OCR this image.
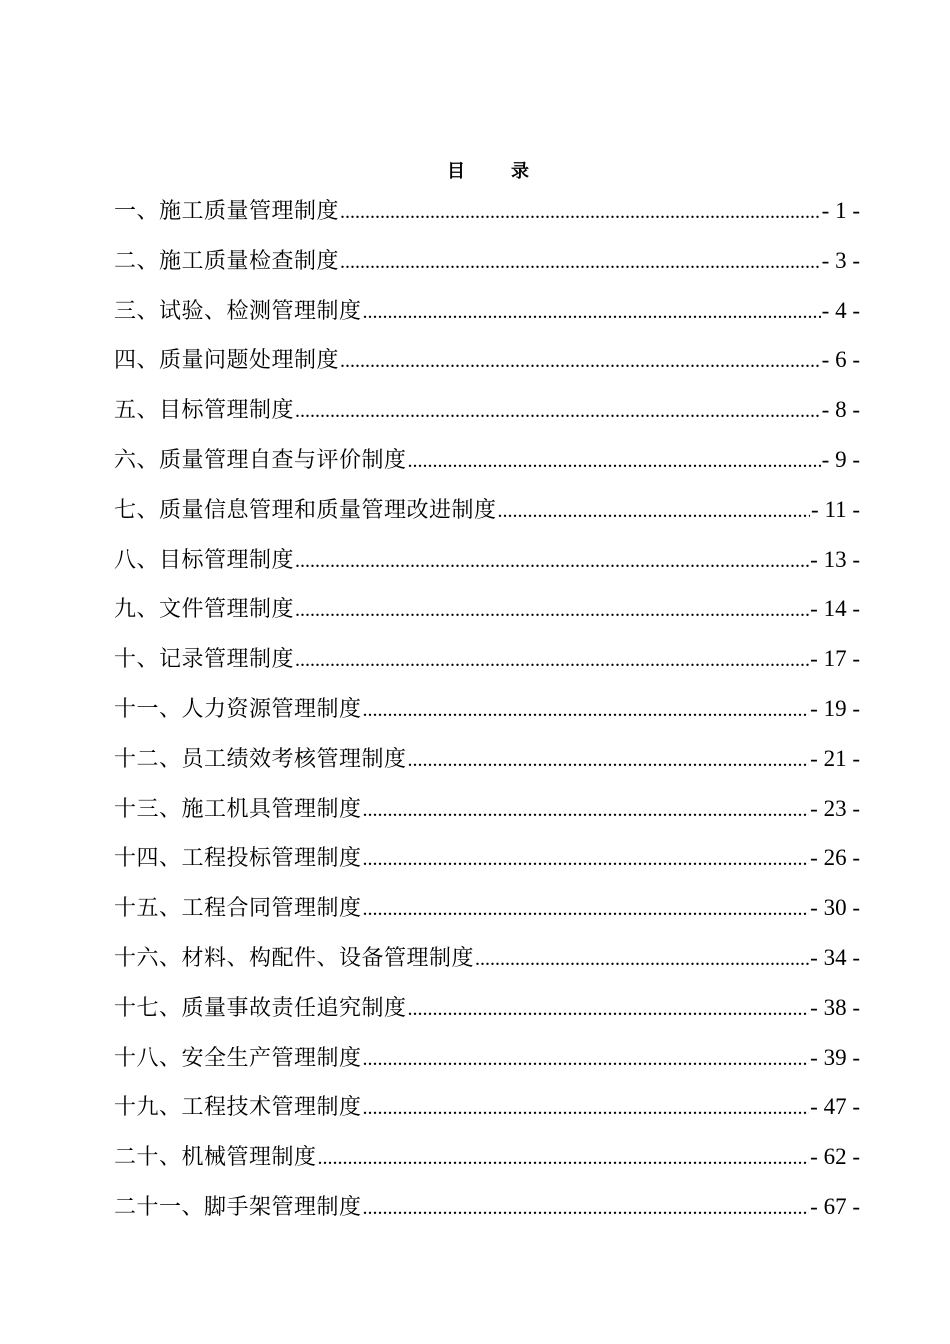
目	录
一、施工质量管理制度 .....	- 1 -
二、施工质量检查制度 .....	- 3 -
三、试验、检测管理制度 .....	- 4 -
四、质量问题处理制度 .....	- 6 -
五、目标管理制度 .....	- 8 -
六、质量管理自查与评价制度 .....	- 9 -
七、质量信息管理和质量管理改进制度 .....	- 11 -
八、目标管理制度 .....	- 13 -
九、文件管理制度 .....	- 14 -
十、记录管理制度 .....	- 17 -
十一、人力资源管理制度 .....	- 19 -
十二、员工绩效考核管理制度 .....	- 21 -
十三、施工机具管理制度 .....	- 23 -
十四、工程投标管理制度 .....	- 26 -
十五、工程合同管理制度 .....	- 30 -
十六、材料、构配件、设备管理制度 .....	- 34 -
十七、质量事故责任追究制度 .....	- 38 -
十八、安全生产管理制度 .....	- 39 -
十九、工程技术管理制度 .....	- 47 -
二十、机械管理制度 .....	- 62 -
二十一、脚手架管理制度 .....	- 67 -
